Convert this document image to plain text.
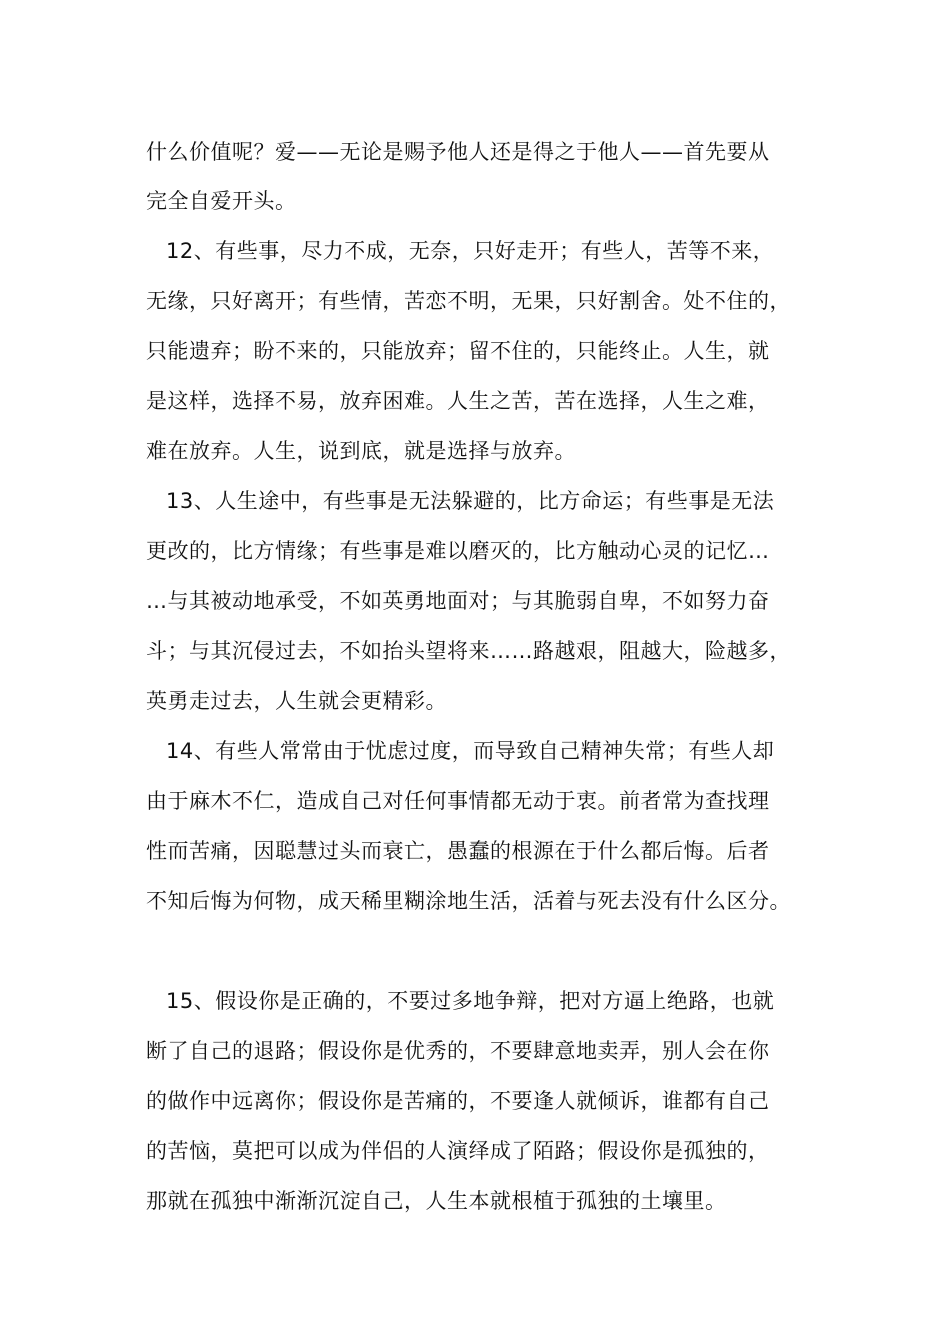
什么价值呢？爱——无论是赐予他人还是得之于他人——首先要从
完全自爱开头。
12、有些事，尽力不成，无奈，只好走开；有些人，苦等不来，
无缘，只好离开；有些情，苦恋不明，无果，只好割舍。处不住的，
只能遗弃；盼不来的，只能放弃；留不住的，只能终止。人生，就
是这样，选择不易，放弃困难。人生之苦，苦在选择，人生之难，
难在放弃。人生，说到底，就是选择与放弃。
13、人生途中，有些事是无法躲避的，比方命运；有些事是无法
更改的，比方情缘；有些事是难以磨灭的，比方触动心灵的记忆…
…与其被动地承受，不如英勇地面对；与其脆弱自卑，不如努力奋
斗；与其沉侵过去，不如抬头望将来……路越艰，阻越大，险越多，
英勇走过去，人生就会更精彩。
14、有些人常常由于忧虑过度，而导致自己精神失常；有些人却
由于麻木不仁，造成自己对任何事情都无动于衷。前者常为查找理
性而苦痛，因聪慧过头而衰亡，愚蠢的根源在于什么都后悔。后者
不知后悔为何物，成天稀里糊涂地生活，活着与死去没有什么区分。
15、假设你是正确的，不要过多地争辩，把对方逼上绝路，也就
断了自己的退路；假设你是优秀的，不要肆意地卖弄，别人会在你
的做作中远离你；假设你是苦痛的，不要逢人就倾诉，谁都有自己
的苦恼，莫把可以成为伴侣的人演绎成了陌路；假设你是孤独的，
那就在孤独中渐渐沉淀自己，人生本就根植于孤独的土壤里。
